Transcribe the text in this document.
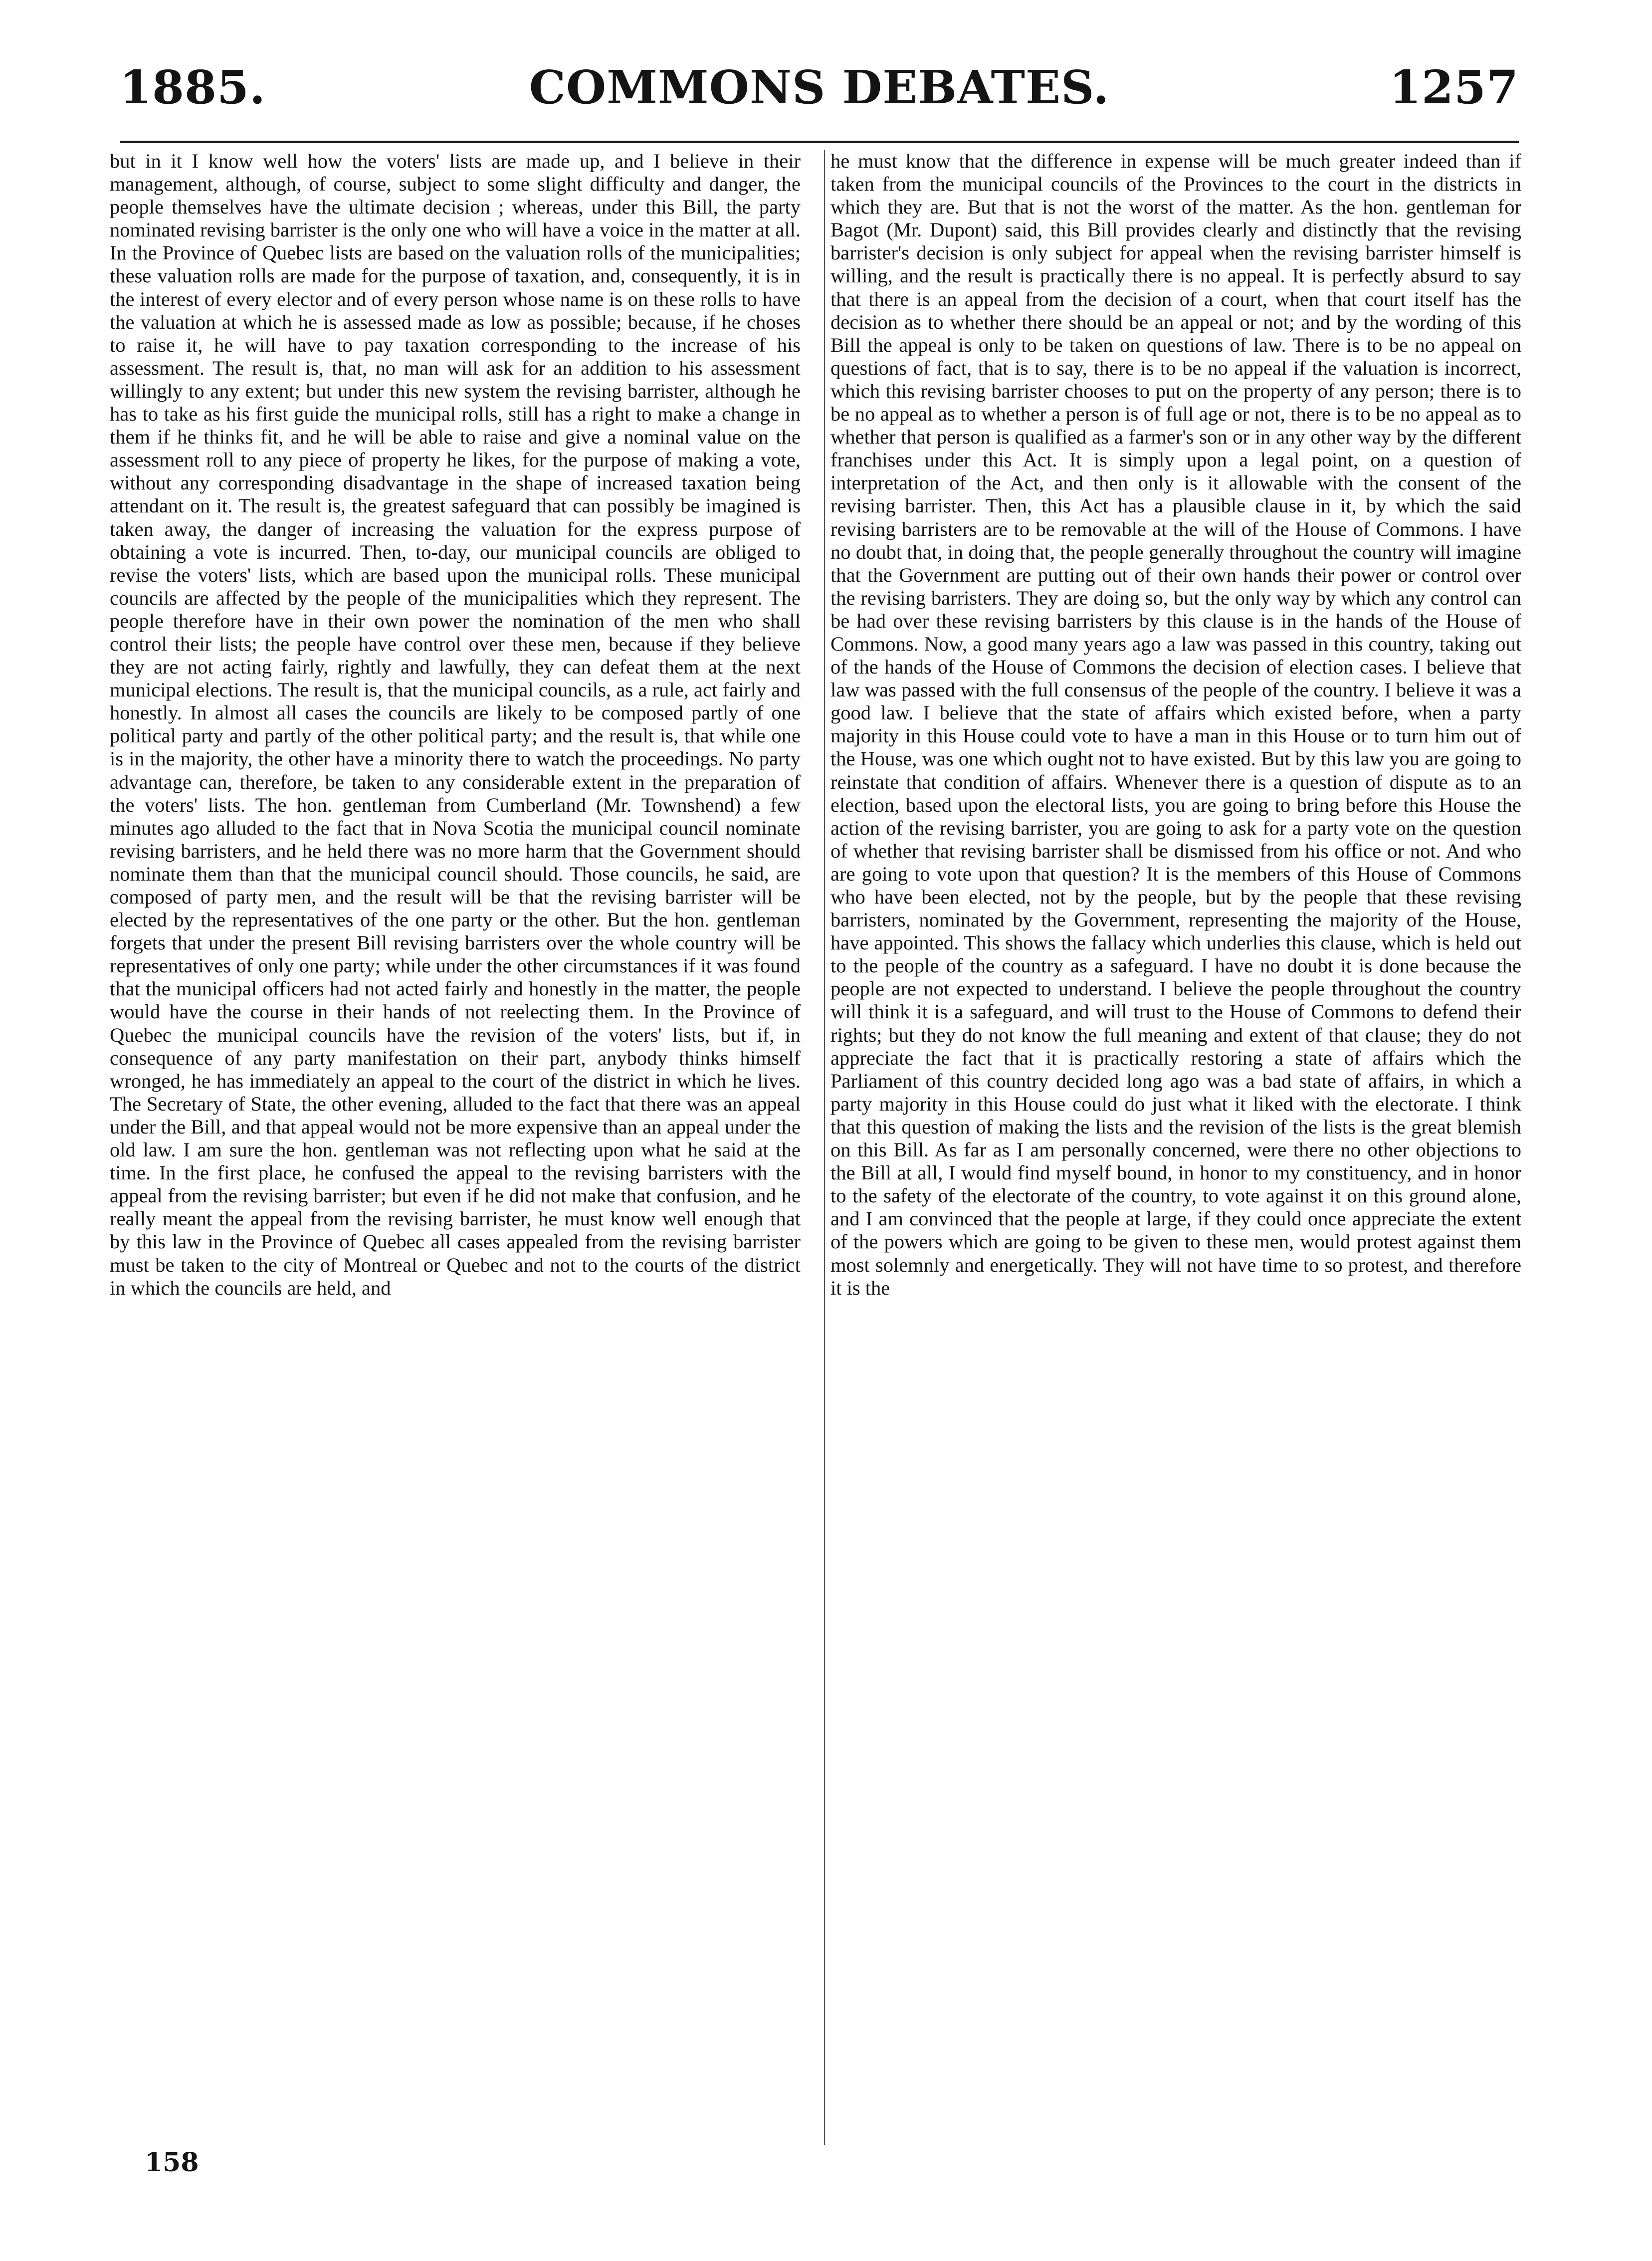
1885.	COMMONS DEBATES.	1257

but in it I know well how the voters' lists are made up, and I believe in their management, although, of course, subject to some slight difficulty and danger, the people themselves have the ultimate decision ; whereas, under this Bill, the party nominated revising barrister is the only one who will have a voice in the matter at all. In the Province of Quebec lists are based on the valuation rolls of the municipalities; these valuation rolls are made for the purpose of taxation, and, consequently, it is in the interest of every elector and of every person whose name is on these rolls to have the valuation at which he is assessed made as low as possible; because, if he choses to raise it, he will have to pay taxation corresponding to the increase of his assessment. The result is, that, no man will ask for an addition to his assessment willingly to any extent; but under this new system the revising barrister, although he has to take as his first guide the municipal rolls, still has a right to make a change in them if he thinks fit, and he will be able to raise and give a nominal value on the assessment roll to any piece of property he likes, for the purpose of making a vote, without any corresponding disadvantage in the shape of increased taxation being attendant on it. The result is, the greatest safeguard that can possibly be imagined is taken away, the danger of increasing the valuation for the express purpose of obtaining a vote is incurred. Then, to-day, our municipal councils are obliged to revise the voters' lists, which are based upon the municipal rolls. These municipal councils are affected by the people of the municipalities which they represent. The people therefore have in their own power the nomination of the men who shall control their lists; the people have control over these men, because if they believe they are not acting fairly, rightly and lawfully, they can defeat them at the next municipal elections. The result is, that the municipal councils, as a rule, act fairly and honestly. In almost all cases the councils are likely to be composed partly of one political party and partly of the other political party; and the result is, that while one is in the majority, the other have a minority there to watch the proceedings. No party advantage can, therefore, be taken to any considerable extent in the preparation of the voters' lists. The hon. gentleman from Cumberland (Mr. Townshend) a few minutes ago alluded to the fact that in Nova Scotia the municipal council nominate revising barristers, and he held there was no more harm that the Government should nominate them than that the municipal council should. Those councils, he said, are composed of party men, and the result will be that the revising barrister will be elected by the representatives of the one party or the other. But the hon. gentleman forgets that under the present Bill revising barristers over the whole country will be representatives of only one party; while under the other circumstances if it was found that the municipal officers had not acted fairly and honestly in the matter, the people would have the course in their hands of not reelecting them. In the Province of Quebec the municipal councils have the revision of the voters' lists, but if, in consequence of any party manifestation on their part, anybody thinks himself wronged, he has immediately an appeal to the court of the district in which he lives. The Secretary of State, the other evening, alluded to the fact that there was an appeal under the Bill, and that appeal would not be more expensive than an appeal under the old law. I am sure the hon. gentleman was not reflecting upon what he said at the time. In the first place, he confused the appeal to the revising barristers with the appeal from the revising barrister; but even if he did not make that confusion, and he really meant the appeal from the revising barrister, he must know well enough that by this law in the Province of Quebec all cases appealed from the revising barrister must be taken to the city of Montreal or Quebec and not to the courts of the district in which the councils are held, and

he must know that the difference in expense will be much greater indeed than if taken from the municipal councils of the Provinces to the court in the districts in which they are. But that is not the worst of the matter. As the hon. gentleman for Bagot (Mr. Dupont) said, this Bill provides clearly and distinctly that the revising barrister's decision is only subject for appeal when the revising barrister himself is willing, and the result is practically there is no appeal. It is perfectly absurd to say that there is an appeal from the decision of a court, when that court itself has the decision as to whether there should be an appeal or not; and by the wording of this Bill the appeal is only to be taken on questions of law. There is to be no appeal on questions of fact, that is to say, there is to be no appeal if the valuation is incorrect, which this revising barrister chooses to put on the property of any person; there is to be no appeal as to whether a person is of full age or not, there is to be no appeal as to whether that person is qualified as a farmer's son or in any other way by the different franchises under this Act. It is simply upon a legal point, on a question of interpretation of the Act, and then only is it allowable with the consent of the revising barrister. Then, this Act has a plausible clause in it, by which the said revising barristers are to be removable at the will of the House of Commons. I have no doubt that, in doing that, the people generally throughout the country will imagine that the Government are putting out of their own hands their power or control over the revising barristers. They are doing so, but the only way by which any control can be had over these revising barristers by this clause is in the hands of the House of Commons. Now, a good many years ago a law was passed in this country, taking out of the hands of the House of Commons the decision of election cases. I believe that law was passed with the full consensus of the people of the country. I believe it was a good law. I believe that the state of affairs which existed before, when a party majority in this House could vote to have a man in this House or to turn him out of the House, was one which ought not to have existed. But by this law you are going to reinstate that condition of affairs. Whenever there is a question of dispute as to an election, based upon the electoral lists, you are going to bring before this House the action of the revising barrister, you are going to ask for a party vote on the question of whether that revising barrister shall be dismissed from his office or not. And who are going to vote upon that question? It is the members of this House of Commons who have been elected, not by the people, but by the people that these revising barristers, nominated by the Government, representing the majority of the House, have appointed. This shows the fallacy which underlies this clause, which is held out to the people of the country as a safeguard. I have no doubt it is done because the people are not expected to understand. I believe the people throughout the country will think it is a safeguard, and will trust to the House of Commons to defend their rights; but they do not know the full meaning and extent of that clause; they do not appreciate the fact that it is practically restoring a state of affairs which the Parliament of this country decided long ago was a bad state of affairs, in which a party majority in this House could do just what it liked with the electorate. I think that this question of making the lists and the revision of the lists is the great blemish on this Bill. As far as I am personally concerned, were there no other objections to the Bill at all, I would find myself bound, in honor to my constituency, and in honor to the safety of the electorate of the country, to vote against it on this ground alone, and I am convinced that the people at large, if they could once appreciate the extent of the powers which are going to be given to these men, would protest against them most solemnly and energetically. They will not have time to so protest, and therefore it is the

158
